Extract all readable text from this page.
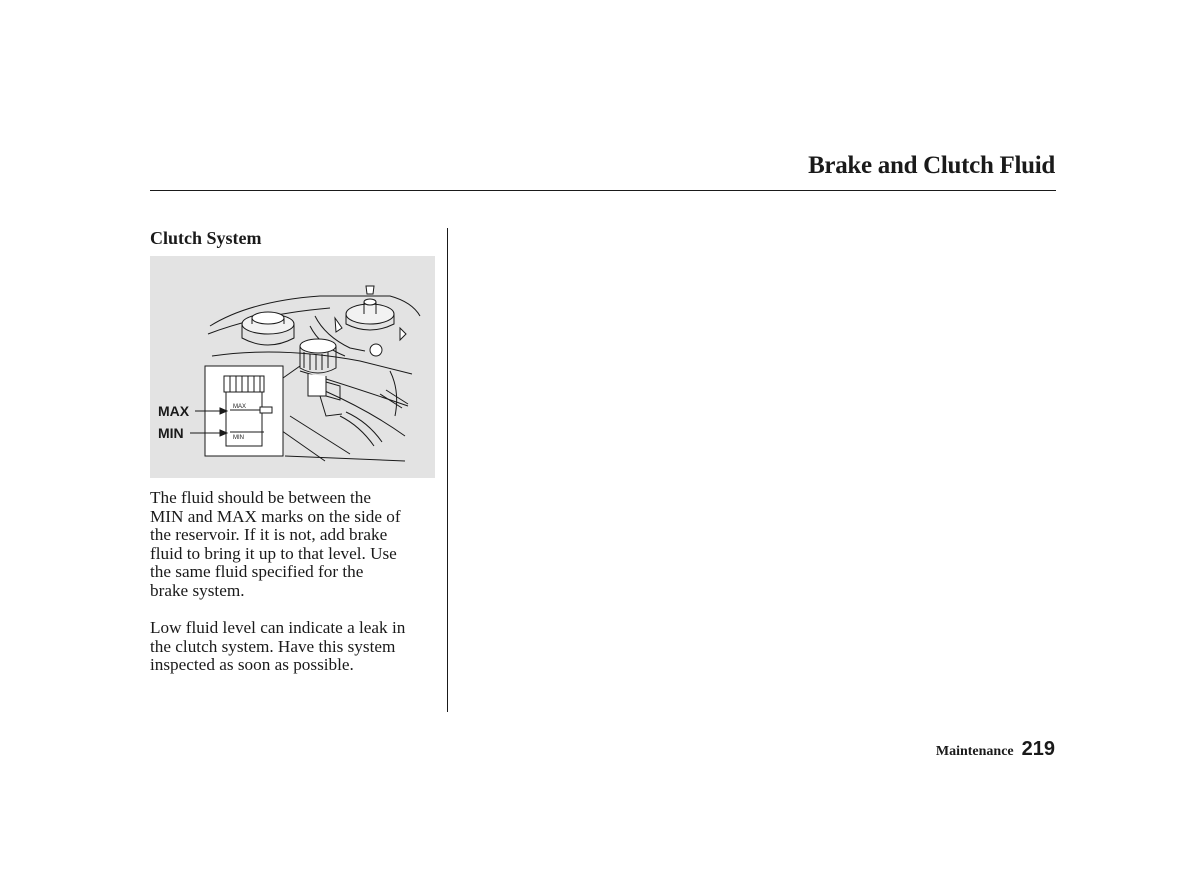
Brake and Clutch Fluid
Clutch System
MAX
MIN
MAX
MIN

The fluid should be between the
MIN and MAX marks on the side of
the reservoir. If it is not, add brake
fluid to bring it up to that level. Use
the same fluid specified for the
brake system.

Low fluid level can indicate a leak in
the clutch system. Have this system
inspected as soon as possible.

Maintenance 219
